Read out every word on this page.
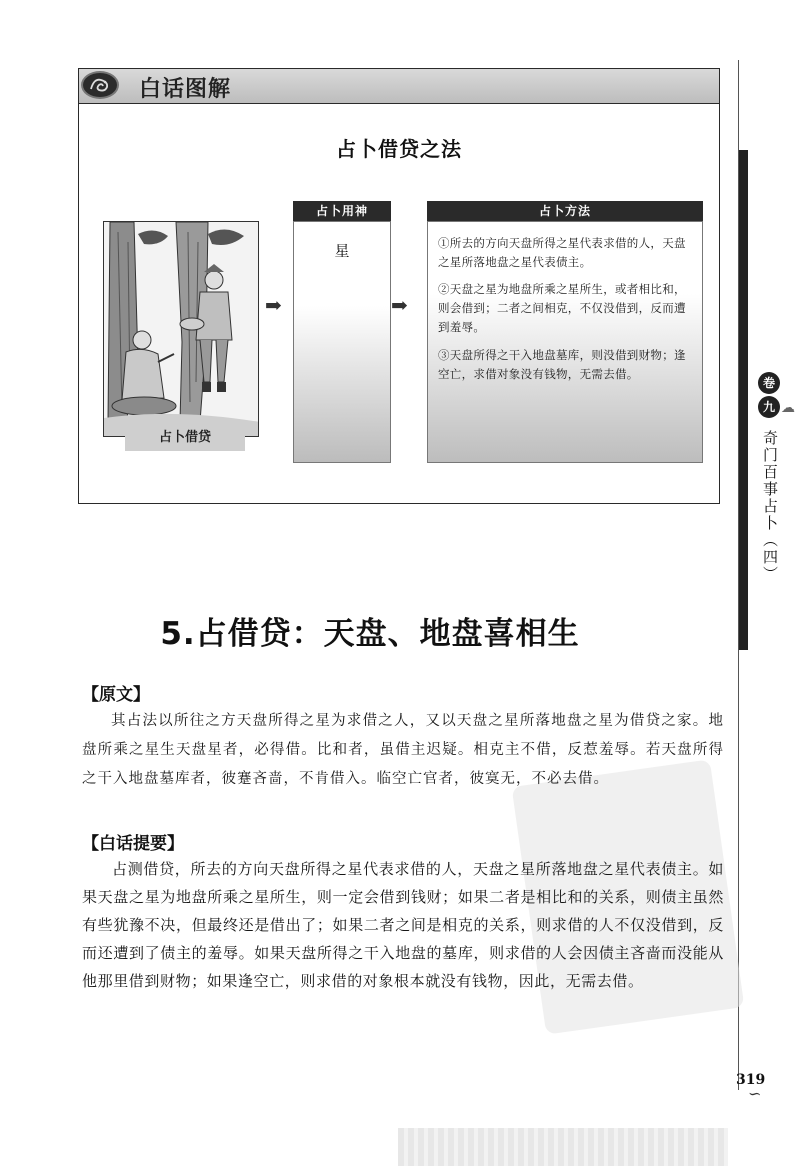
白话图解
占卜借贷之法
占卜借贷
➡	➡
占卜用神
星
占卜方法
①所去的方向天盘所得之星代表求借的人，天盘之星所落地盘之星代表债主。
②天盘之星为地盘所乘之星所生，或者相比和，则会借到；二者之间相克，不仅没借到，反而遭到羞辱。
③天盘所得之干入地盘墓库，则没借到财物；逢空亡，求借对象没有钱物，无需去借。
卷
九 ☁
奇门百事占卜（四）
5.占借贷：天盘、地盘喜相生
【原文】
其占法以所往之方天盘所得之星为求借之人，又以天盘之星所落地盘之星为借贷之家。地盘所乘之星生天盘星者，必得借。比和者，虽借主迟疑。相克主不借，反惹羞辱。若天盘所得之干入地盘墓库者，彼蹇吝啬，不肯借入。临空亡官者，彼寞无，不必去借。
【白话提要】
占测借贷，所去的方向天盘所得之星代表求借的人，天盘之星所落地盘之星代表债主。如果天盘之星为地盘所乘之星所生，则一定会借到钱财；如果二者是相比和的关系，则债主虽然有些犹豫不决，但最终还是借出了；如果二者之间是相克的关系，则求借的人不仅没借到，反而还遭到了债主的羞辱。如果天盘所得之干入地盘的墓库，则求借的人会因债主吝啬而没能从他那里借到财物；如果逢空亡，则求借的对象根本就没有钱物，因此，无需去借。
319
∽
